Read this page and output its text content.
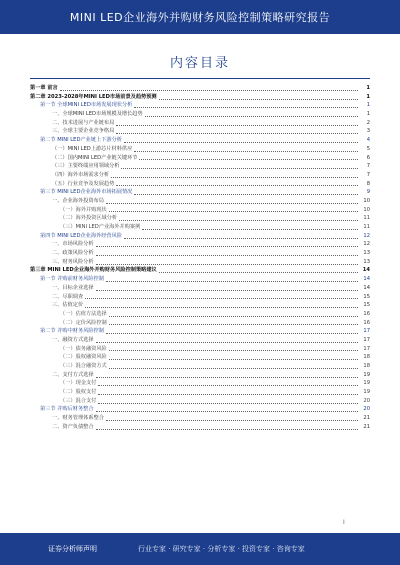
MINI LED企业海外并购财务风险控制策略研究报告
内容目录
第一章 前言	1
第二章 2023-2028年MINI LED市场前景及趋势预测	1
第一节 全球MINI LED市场发展现状分析	1
一、全球MINI LED市场规模及增长趋势	1
二、技术进展与产业链布局	2
三、全球主要企业竞争格局	3
第二节 MINI LED产业链上下游分析	4
（一）MINI LED上游芯片材料供应	5
（二）国内MINI LED产业链关键环节	6
（三）主要终端应用领域分析	7
（四）海外市场需求分析	7
（五）行业竞争及发展趋势	8
第三节 MINI LED企业海外市场拓展情况	9
一、企业海外投资布局	10
（一）海外并购现状	10
（二）海外投资区域分析	11
（三）MINI LED产业海外并购案例	11
第四节 MINI LED企业海外经营风险	12
一、市场风险分析	12
二、政策风险分析	13
三、财务风险分析	13
第三章 MINI LED企业海外并购财务风险控制策略建议	14
第一节 并购前财务风险控制	14
一、目标企业选择	14
二、尽职调查	15
三、估值定价	15
（一）估值方法选择	16
（二）定价风险控制	16
第二节 并购中财务风险控制	17
一、融资方式选择	17
（一）债务融资风险	17
（二）股权融资风险	18
（三）混合融资方式	18
二、支付方式选择	19
（一）现金支付	19
（二）股权支付	19
（三）混合支付	20
第三节 并购后财务整合	20
一、财务管理体系整合	21
二、资产负债整合	21
I
证券分析师声明	行业专家 · 研究专家 · 分析专家 · 投资专家 · 咨询专家
